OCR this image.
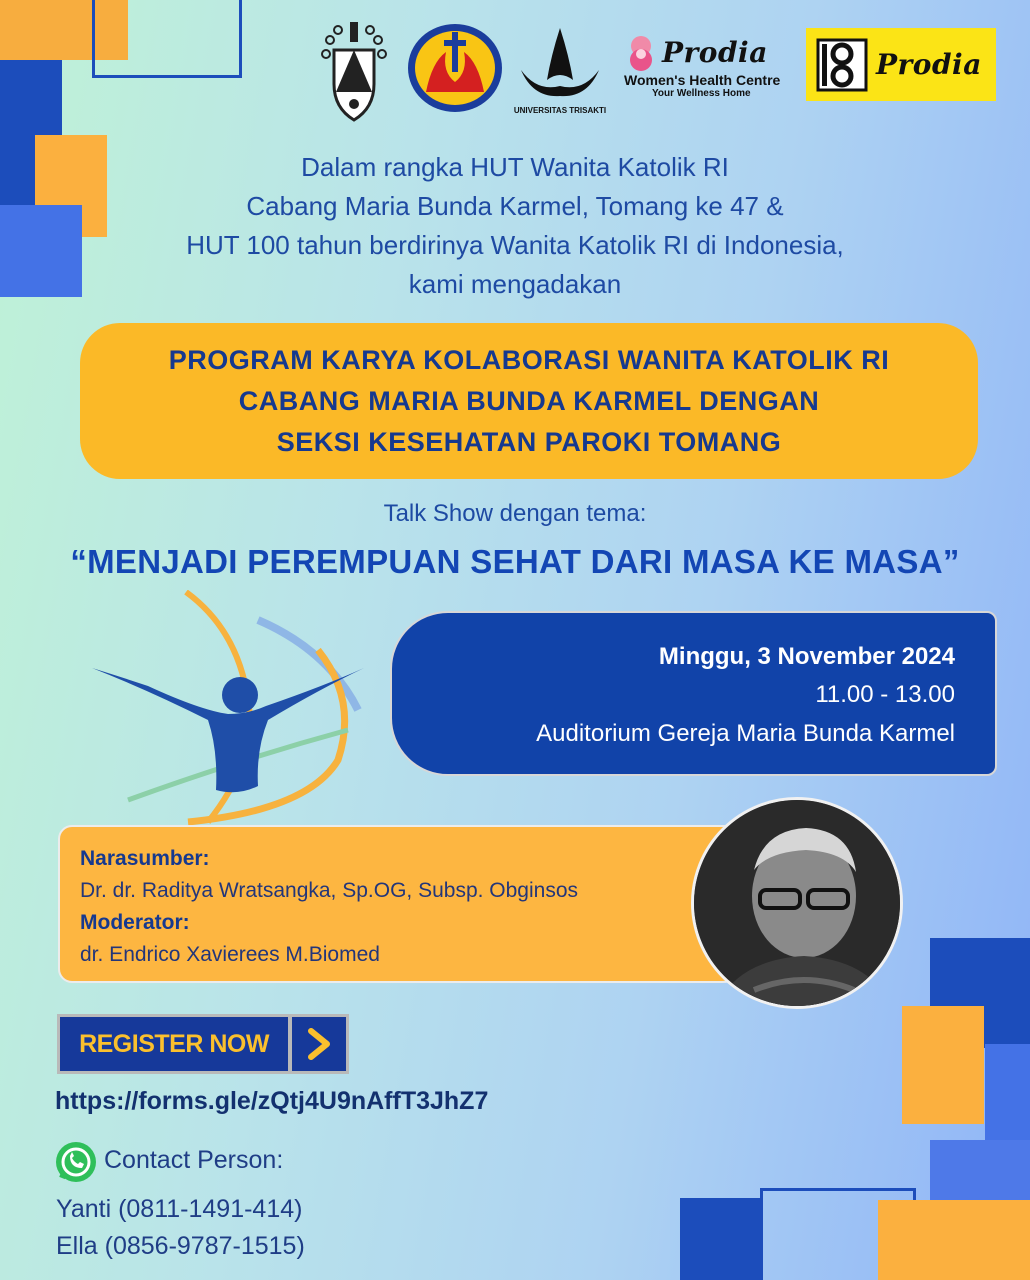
UNIVERSITAS TRISAKTI
Prodia
Women's Health Centre
Your Wellness Home
Prodia
Dalam rangka HUT Wanita Katolik RI
Cabang Maria Bunda Karmel, Tomang ke 47 &
HUT 100 tahun berdirinya Wanita Katolik RI di Indonesia,
kami mengadakan
PROGRAM KARYA KOLABORASI WANITA KATOLIK RI
CABANG MARIA BUNDA KARMEL DENGAN
SEKSI KESEHATAN PAROKI TOMANG
Talk Show dengan tema:
“MENJADI PEREMPUAN SEHAT DARI MASA KE MASA”
Minggu, 3 November 2024
11.00 - 13.00
Auditorium Gereja Maria Bunda Karmel
Narasumber:
Dr. dr. Raditya Wratsangka, Sp.OG, Subsp. Obginsos
Moderator:
dr. Endrico Xavierees M.Biomed
REGISTER NOW
https://forms.gle/zQtj4U9nAffT3JhZ7
Contact Person:
Yanti (0811-1491-414)
Ella (0856-9787-1515)
